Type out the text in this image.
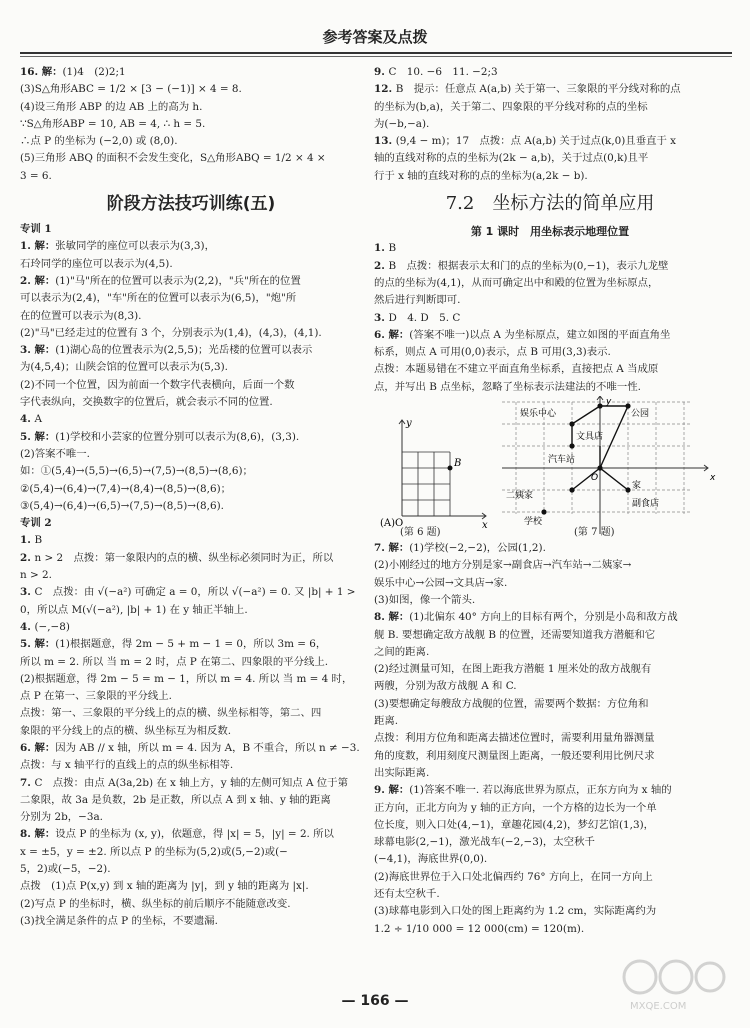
参考答案及点拨

16. 解：(1)4　(2)2;1

(3)S△角形ABC = 1/2 × [3 − (−1)] × 4 = 8.

(4)设三角形 ABP 的边 AB 上的高为 h.

∵S△角形ABP = 10, AB = 4, ∴ h = 5.

∴点 P 的坐标为 (−2,0) 或 (8,0).

(5)三角形 ABQ 的面积不会发生变化，S△角形ABQ = 1/2 × 4 ×

3 = 6.

阶段方法技巧训练(五)

专训 1

1. 解：张敏同学的座位可以表示为(3,3)，

石玲同学的座位可以表示为(4,5).

2. 解：(1)"马"所在的位置可以表示为(2,2)，"兵"所在的位置

可以表示为(2,4)，"车"所在的位置可以表示为(6,5)，"炮"所

在的位置可以表示为(8,3).

(2)"马"已经走过的位置有 3 个，分别表示为(1,4)，(4,3)，(4,1).

3. 解：(1)湖心岛的位置表示为(2,5,5)；光岳楼的位置可以表示

为(4,5,4)；山陕会馆的位置可以表示为(5,3).

(2)不同一个位置，因为前面一个数字代表横向，后面一个数

字代表纵向，交换数字的位置后，就会表示不同的位置.

4. A

5. 解：(1)学校和小芸家的位置分别可以表示为(8,6)，(3,3).

(2)答案不唯一.

如：①(5,4)→(5,5)→(6,5)→(7,5)→(8,5)→(8,6)；

②(5,4)→(6,4)→(7,4)→(8,4)→(8,5)→(8,6)；

③(5,4)→(6,4)→(6,5)→(7,5)→(8,5)→(8,6).

专训 2

1. B

2. n > 2　点拨：第一象限内的点的横、纵坐标必须同时为正，所以

n > 2.

3. C　点拨：由 √(−a²) 可确定 a = 0，所以 √(−a²) = 0. 又 |b| + 1 >

0，所以点 M(√(−a²), |b| + 1) 在 y 轴正半轴上.

4. (−,−8)

5. 解：(1)根据题意，得 2m − 5 + m − 1 = 0，所以 3m = 6，

所以 m = 2. 所以 当 m = 2 时，点 P 在第二、四象限的平分线上.

(2)根据题意，得 2m − 5 = m − 1，所以 m = 4. 所以 当 m = 4 时，

点 P 在第一、三象限的平分线上.

点拨：第一、三象限的平分线上的点的横、纵坐标相等，第二、四

象限的平分线上的点的横、纵坐标互为相反数.

6. 解：因为 AB // x 轴，所以 m = 4. 因为 A，B 不重合，所以 n ≠ −3.

点拨：与 x 轴平行的直线上的点的纵坐标相等.

7. C　点拨：由点 A(3a,2b) 在 x 轴上方，y 轴的左侧可知点 A 位于第

二象限，故 3a 是负数，2b 是正数，所以点 A 到 x 轴、y 轴的距离

分别为 2b，−3a.

8. 解：设点 P 的坐标为 (x, y)，依题意，得 |x| = 5，|y| = 2. 所以

x = ±5，y = ±2. 所以点 P 的坐标为(5,2)或(5,−2)或(−

5，2)或(−5，−2).

点拨　(1)点 P(x,y) 到 x 轴的距离为 |y|，到 y 轴的距离为 |x|.

(2)写点 P 的坐标时，横、纵坐标的前后顺序不能随意改变.

(3)找全满足条件的点 P 的坐标，不要遗漏.

9. C　10. −6　11. −2;3

12. B　提示：任意点 A(a,b) 关于第一、三象限的平分线对称的点

的坐标为(b,a)，关于第二、四象限的平分线对称的点的坐标

为(−b,−a).

13. (9,4 − m)；17　点拨：点 A(a,b) 关于过点(k,0)且垂直于 x

轴的直线对称的点的坐标为(2k − a,b)，关于过点(0,k)且平

行于 x 轴的直线对称的点的坐标为(a,2k − b).

7.2　坐标方法的简单应用
第 1 课时　用坐标表示地理位置

1. B

2. B　点拨：根据表示太和门的点的坐标为(0,−1)，表示九龙壁

的点的坐标为(4,1)，从而可确定出中和殿的位置为坐标原点，

然后进行判断即可.

3. D　4. D　5. C

6. 解：(答案不唯一)以点 A 为坐标原点，建立如图的平面直角坐

标系，则点 A 可用(0,0)表示，点 B 可用(3,3)表示.

点拨：本题易错在不建立平面直角坐标系，直接把点 A 当成原

点，并写出 B 点坐标，忽略了坐标表示法建法的不唯一性.

B
y
x
(A)O
娱乐中心	公园
文具店
汽车站
二姨家
家
学校
副食店
O	x
y
(第 6 题)	(第 7 题)

7. 解：(1)学校(−2,−2)，公园(1,2).

(2)小刚经过的地方分别是家→副食店→汽车站→二姨家→

娱乐中心→公园→文具店→家.

(3)如图，像一个箭头.

8. 解：(1)北偏东 40° 方向上的目标有两个，分别是小岛和敌方战

舰 B. 要想确定敌方战舰 B 的位置，还需要知道我方潜艇和它

之间的距离.

(2)经过测量可知，在图上距我方潜艇 1 厘米处的敌方战舰有

两艘，分别为敌方战舰 A 和 C.

(3)要想确定每艘敌方战舰的位置，需要两个数据：方位角和

距离.

点拨：利用方位角和距离去描述位置时，需要利用量角器测量

角的度数，利用刻度尺测量图上距离，一般还要利用比例尺求

出实际距离.

9. 解：(1)答案不唯一. 若以海底世界为原点，正东方向为 x 轴的

正方向，正北方向为 y 轴的正方向，一个方格的边长为一个单

位长度，则入口处(4,−1)，章趣花园(4,2)，梦幻艺馆(1,3)，

球幕电影(2,−1)，激光战车(−2,−3)，太空秋千

(−4,1)，海底世界(0,0).

(2)海底世界位于入口处北偏西约 76° 方向上，在同一方向上

还有太空秋千.

(3)球幕电影到入口处的图上距离约为 1.2 cm，实际距离约为

1.2 ÷ 1/10 000 = 12 000(cm) = 120(m).

— 166 —	MXQE.COM
